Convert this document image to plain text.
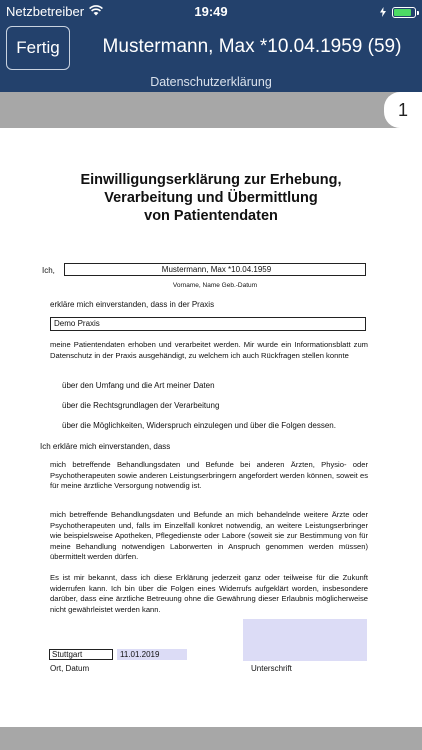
Netzbetreiber	19:49
Fertig	Mustermann, Max *10.04.1959 (59)
Datenschutzerklärung
1
Einwilligungserklärung zur Erhebung,
Verarbeitung und Übermittlung
von Patientendaten
Ich,	Mustermann, Max *10.04.1959
Vorname, Name Geb.-Datum
erkläre mich einverstanden, dass in der Praxis
Demo Praxis
meine Patientendaten erhoben und verarbeitet werden. Mir wurde ein Informationsblatt zum Datenschutz in der Praxis ausgehändigt, zu welchem ich auch Rückfragen stellen konnte
über den Umfang und die Art meiner Daten
über die Rechtsgrundlagen der Verarbeitung
über die Möglichkeiten, Widerspruch einzulegen und über die Folgen dessen.
Ich erkläre mich einverstanden, dass
mich betreffende Behandlungsdaten und Befunde bei anderen Ärzten, Physio- oder Psychotherapeuten sowie anderen Leistungserbringern angefordert werden können, soweit es für meine ärztliche Versorgung notwendig ist.
mich betreffende Behandlungsdaten und Befunde an mich behandelnde weitere Ärzte oder Psychotherapeuten und, falls im Einzelfall konkret notwendig, an weitere Leistungserbringer wie beispielsweise Apotheken, Pflegedienste oder Labore (soweit sie zur Bestimmung von für meine Behandlung notwendigen Laborwerten in Anspruch genommen werden müssen) übermittelt werden dürfen.
Es ist mir bekannt, dass ich diese Erklärung jederzeit ganz oder teilweise für die Zukunft widerrufen kann. Ich bin über die Folgen eines Widerrufs aufgeklärt worden, insbesondere darüber, dass eine ärztliche Betreuung ohne die Gewährung dieser Erlaubnis möglicherweise nicht gewährleistet werden kann.
Stuttgart	11.01.2019
Ort, Datum	Unterschrift
